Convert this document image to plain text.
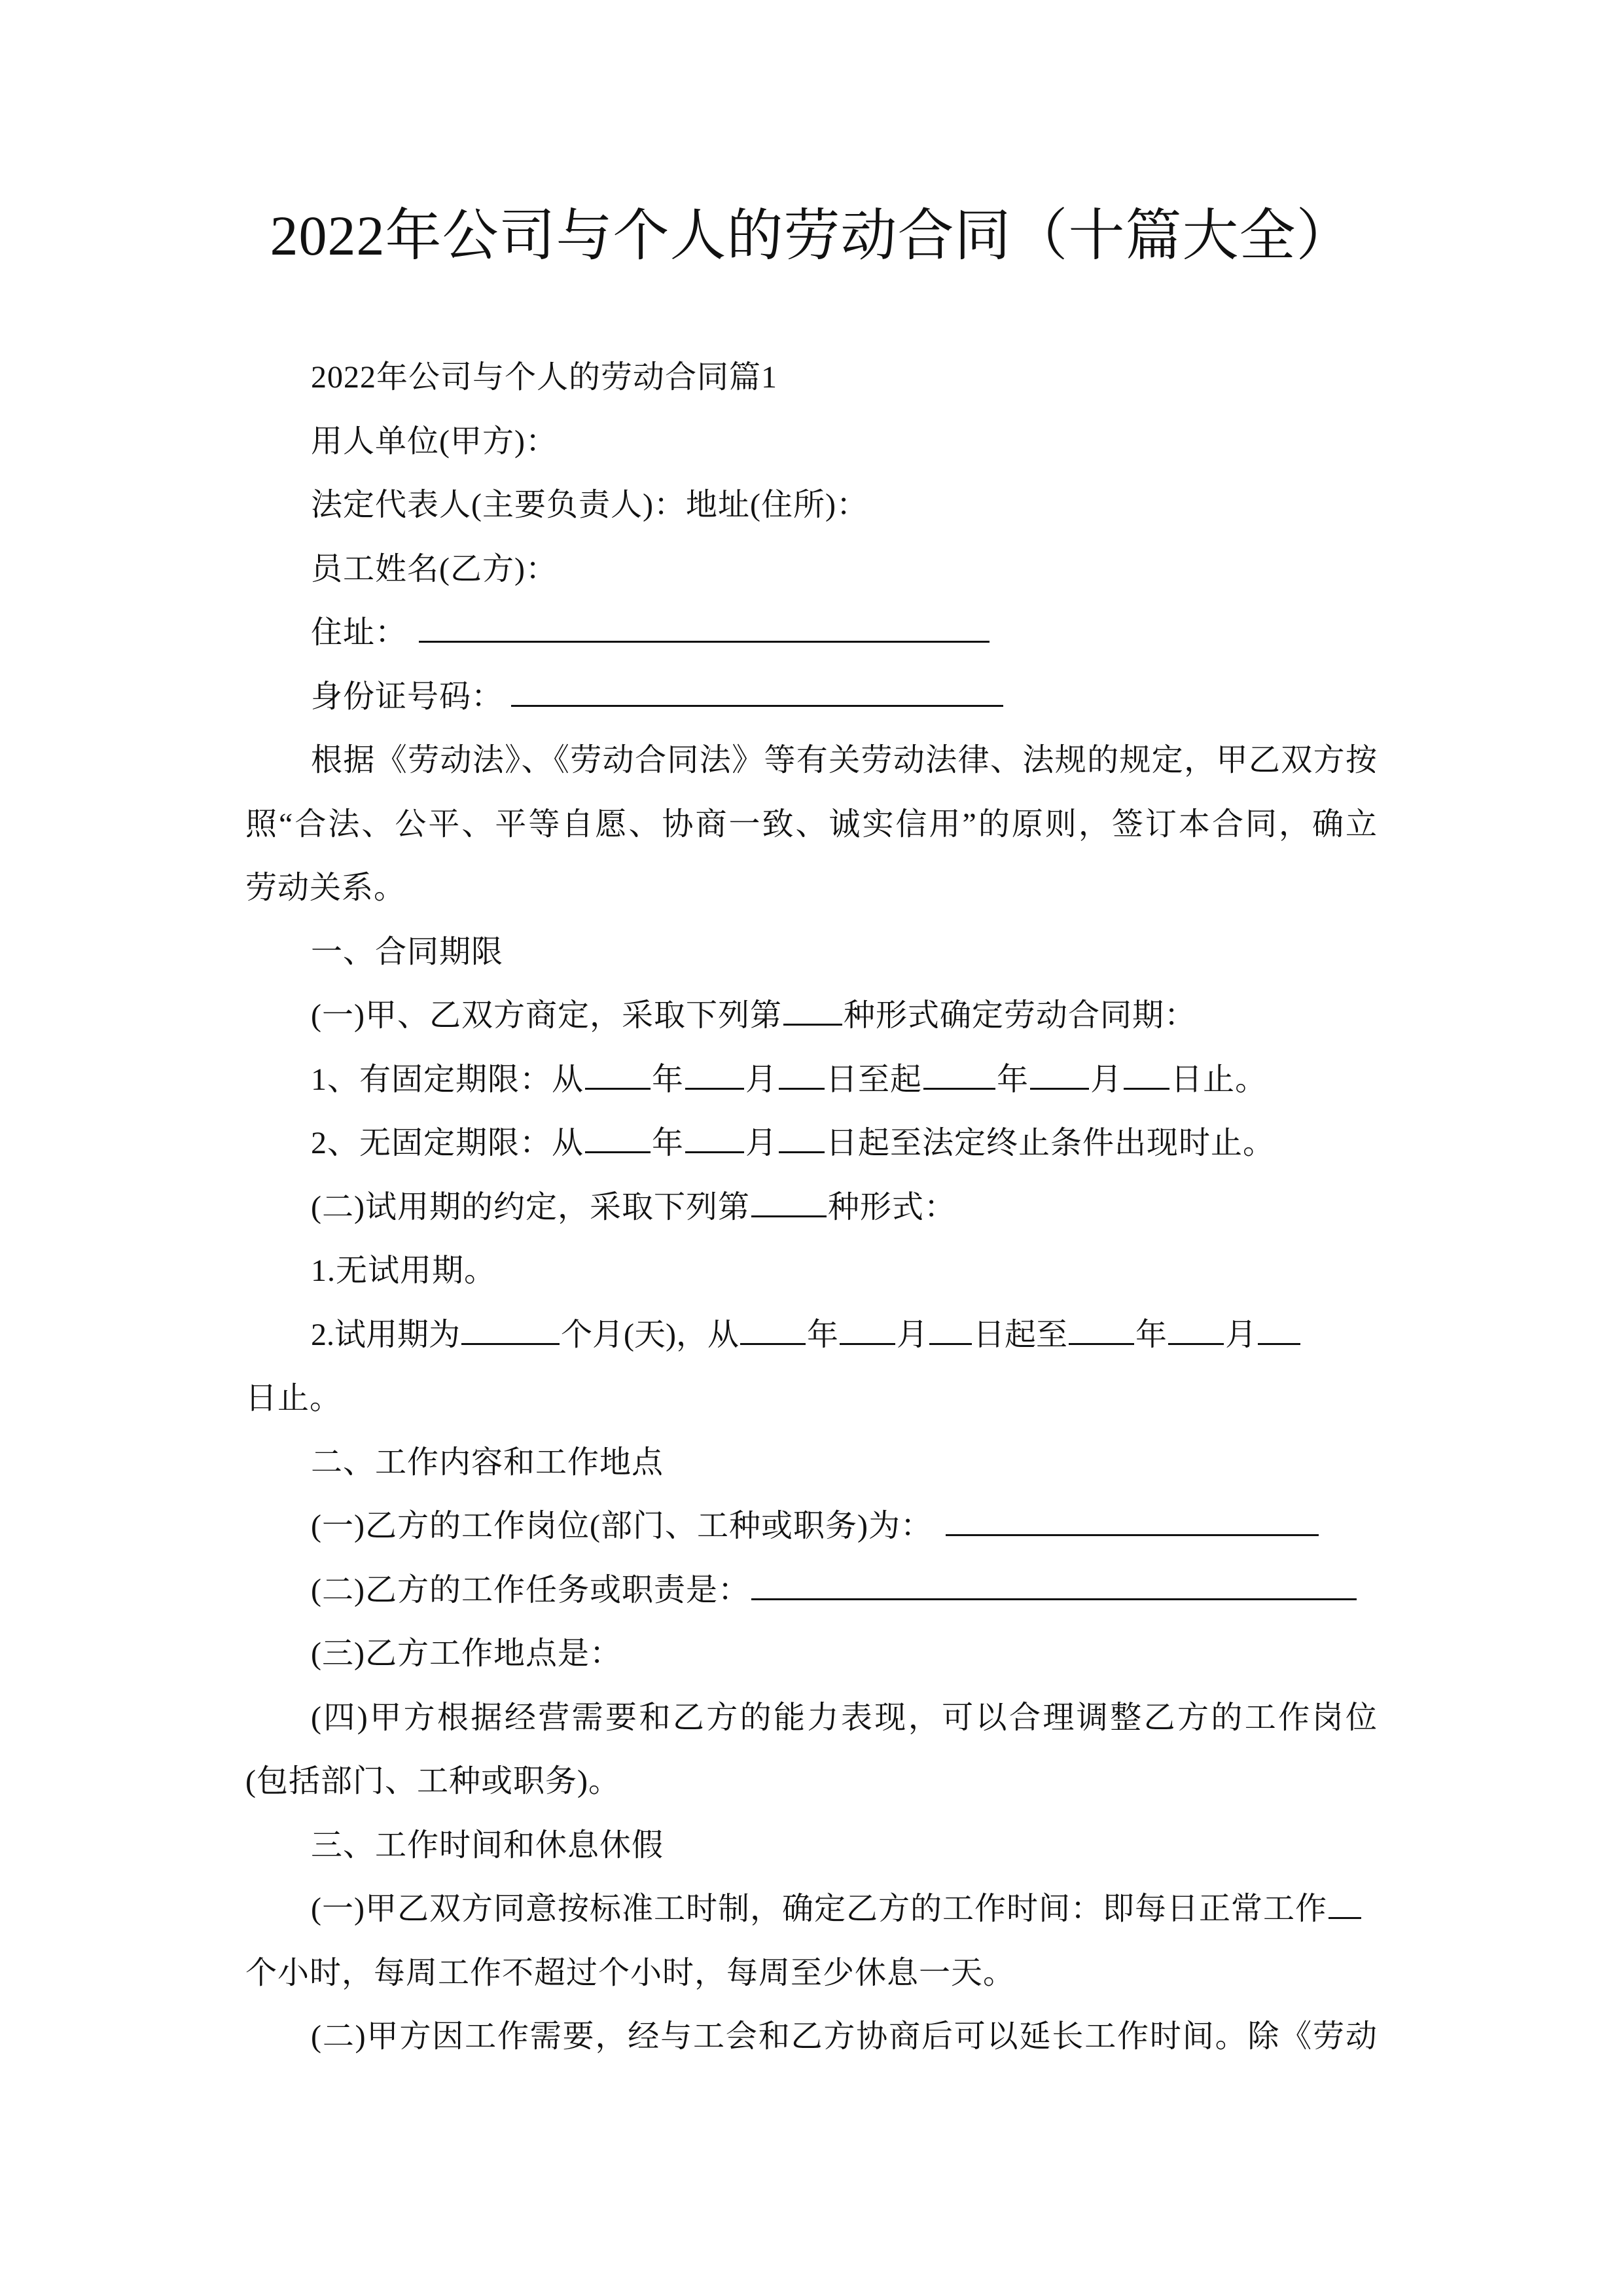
2022年公司与个人的劳动合同（十篇大全）
2022年公司与个人的劳动合同篇1
用人单位(甲方)：
法定代表人(主要负责人)：地址(住所)：
员工姓名(乙方)：
住址：
身份证号码：
根据《劳动法》、《劳动合同法》等有关劳动法律、法规的规定，甲乙双方按
照“合法、公平、平等自愿、协商一致、诚实信用”的原则，签订本合同，确立
劳动关系。
一、合同期限
(一)甲、乙双方商定，采取下列第 种形式确定劳动合同期：
1、有固定期限：从 年 月 日至起 年 月 日止。
2、无固定期限：从 年 月 日起至法定终止条件出现时止。
(二)试用期的约定，采取下列第 种形式：
1.无试用期。
2.试用期为	个月(天)，从 年 月 日起至 年 月
日止。
二、工作内容和工作地点
(一)乙方的工作岗位(部门、工种或职务)为：
(二)乙方的工作任务或职责是：
(三)乙方工作地点是：
(四)甲方根据经营需要和乙方的能力表现，可以合理调整乙方的工作岗位
(包括部门、工种或职务)。
三、工作时间和休息休假
(一)甲乙双方同意按标准工时制，确定乙方的工作时间：即每日正常工作
个小时，每周工作不超过个小时，每周至少休息一天。
(二)甲方因工作需要，经与工会和乙方协商后可以延长工作时间。除《劳动
